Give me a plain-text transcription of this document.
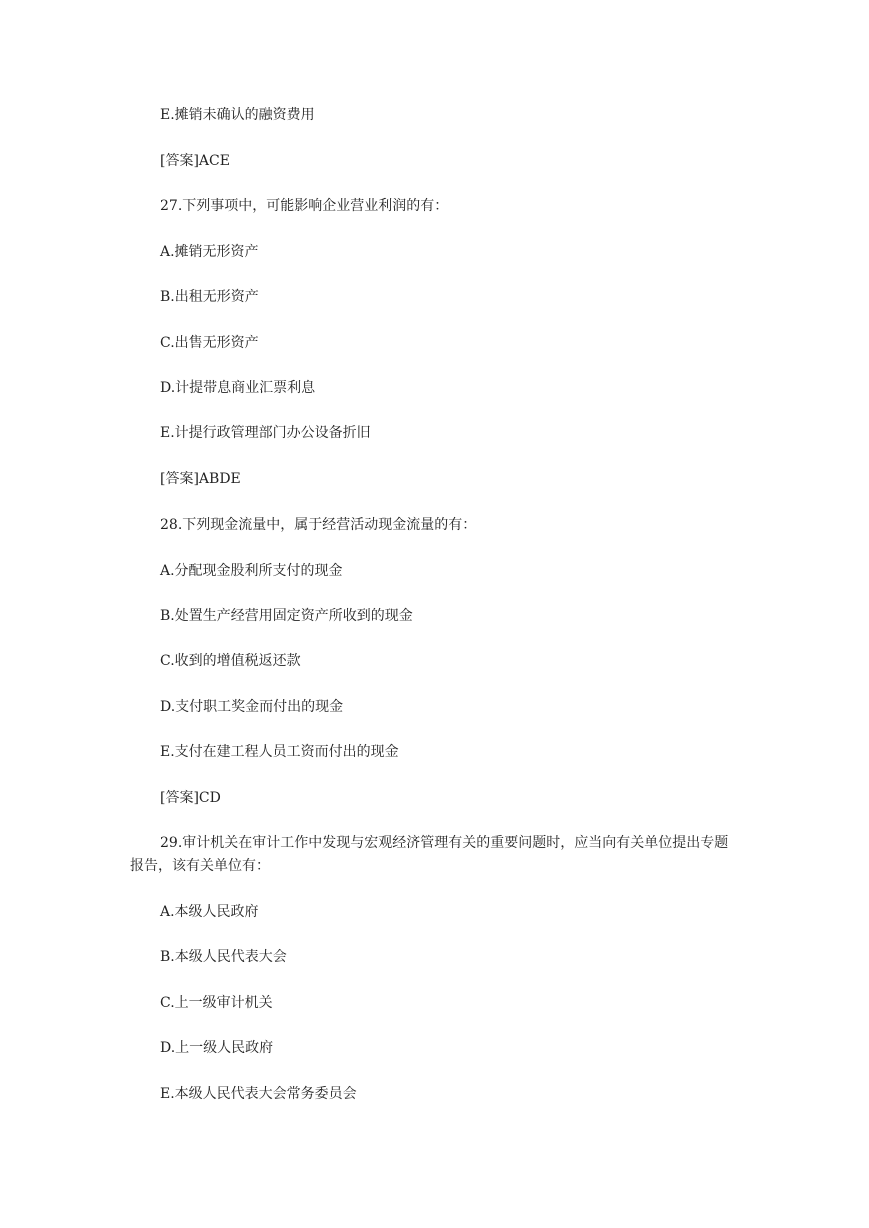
E.摊销未确认的融资费用

[答案]ACE

27.下列事项中，可能影响企业营业利润的有：

A.摊销无形资产

B.出租无形资产

C.出售无形资产

D.计提带息商业汇票利息

E.计提行政管理部门办公设备折旧

[答案]ABDE

28.下列现金流量中，属于经营活动现金流量的有：

A.分配现金股利所支付的现金

B.处置生产经营用固定资产所收到的现金

C.收到的增值税返还款

D.支付职工奖金而付出的现金

E.支付在建工程人员工资而付出的现金

[答案]CD

29.审计机关在审计工作中发现与宏观经济管理有关的重要问题时，应当向有关单位提出专题报告，该有关单位有：

A.本级人民政府

B.本级人民代表大会

C.上一级审计机关

D.上一级人民政府

E.本级人民代表大会常务委员会
